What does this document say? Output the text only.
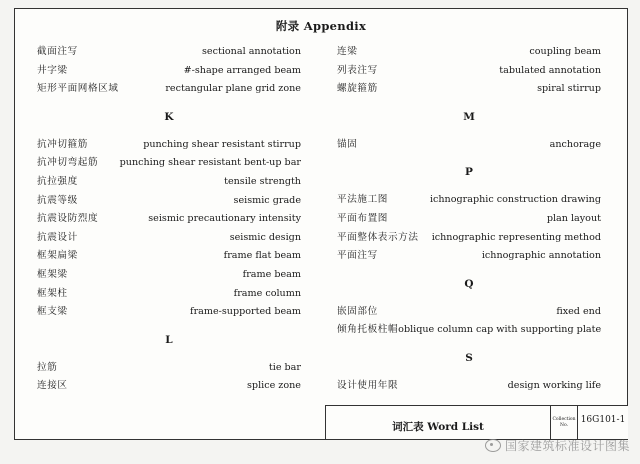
附录 Appendix
截面注写	sectional annotation
井字梁	#-shape arranged beam
矩形平面网格区域	rectangular plane grid zone
K
抗冲切箍筋	punching shear resistant stirrup
抗冲切弯起筋 punching shear resistant bent-up bar
抗拉强度	tensile strength
抗震等级	seismic grade
抗震设防烈度	seismic precautionary intensity
抗震设计	seismic design
框架扁梁	frame flat beam
框架梁	frame beam
框架柱	frame column
框支梁	frame-supported beam
L
拉筋	tie bar
连接区	splice zone
连梁	coupling beam
列表注写	tabulated annotation
螺旋箍筋	spiral stirrup
M
锚固	anchorage
P
平法施工图	ichnographic construction drawing
平面布置图	plan layout
平面整体表示方法 ichnographic representing method
平面注写	ichnographic annotation
Q
嵌固部位	fixed end
倾角托板柱帽 oblique column cap with supporting plate
S
设计使用年限	design working life
词汇表 Word List
Collection
No.
16G101-1
国家建筑标准设计图集
